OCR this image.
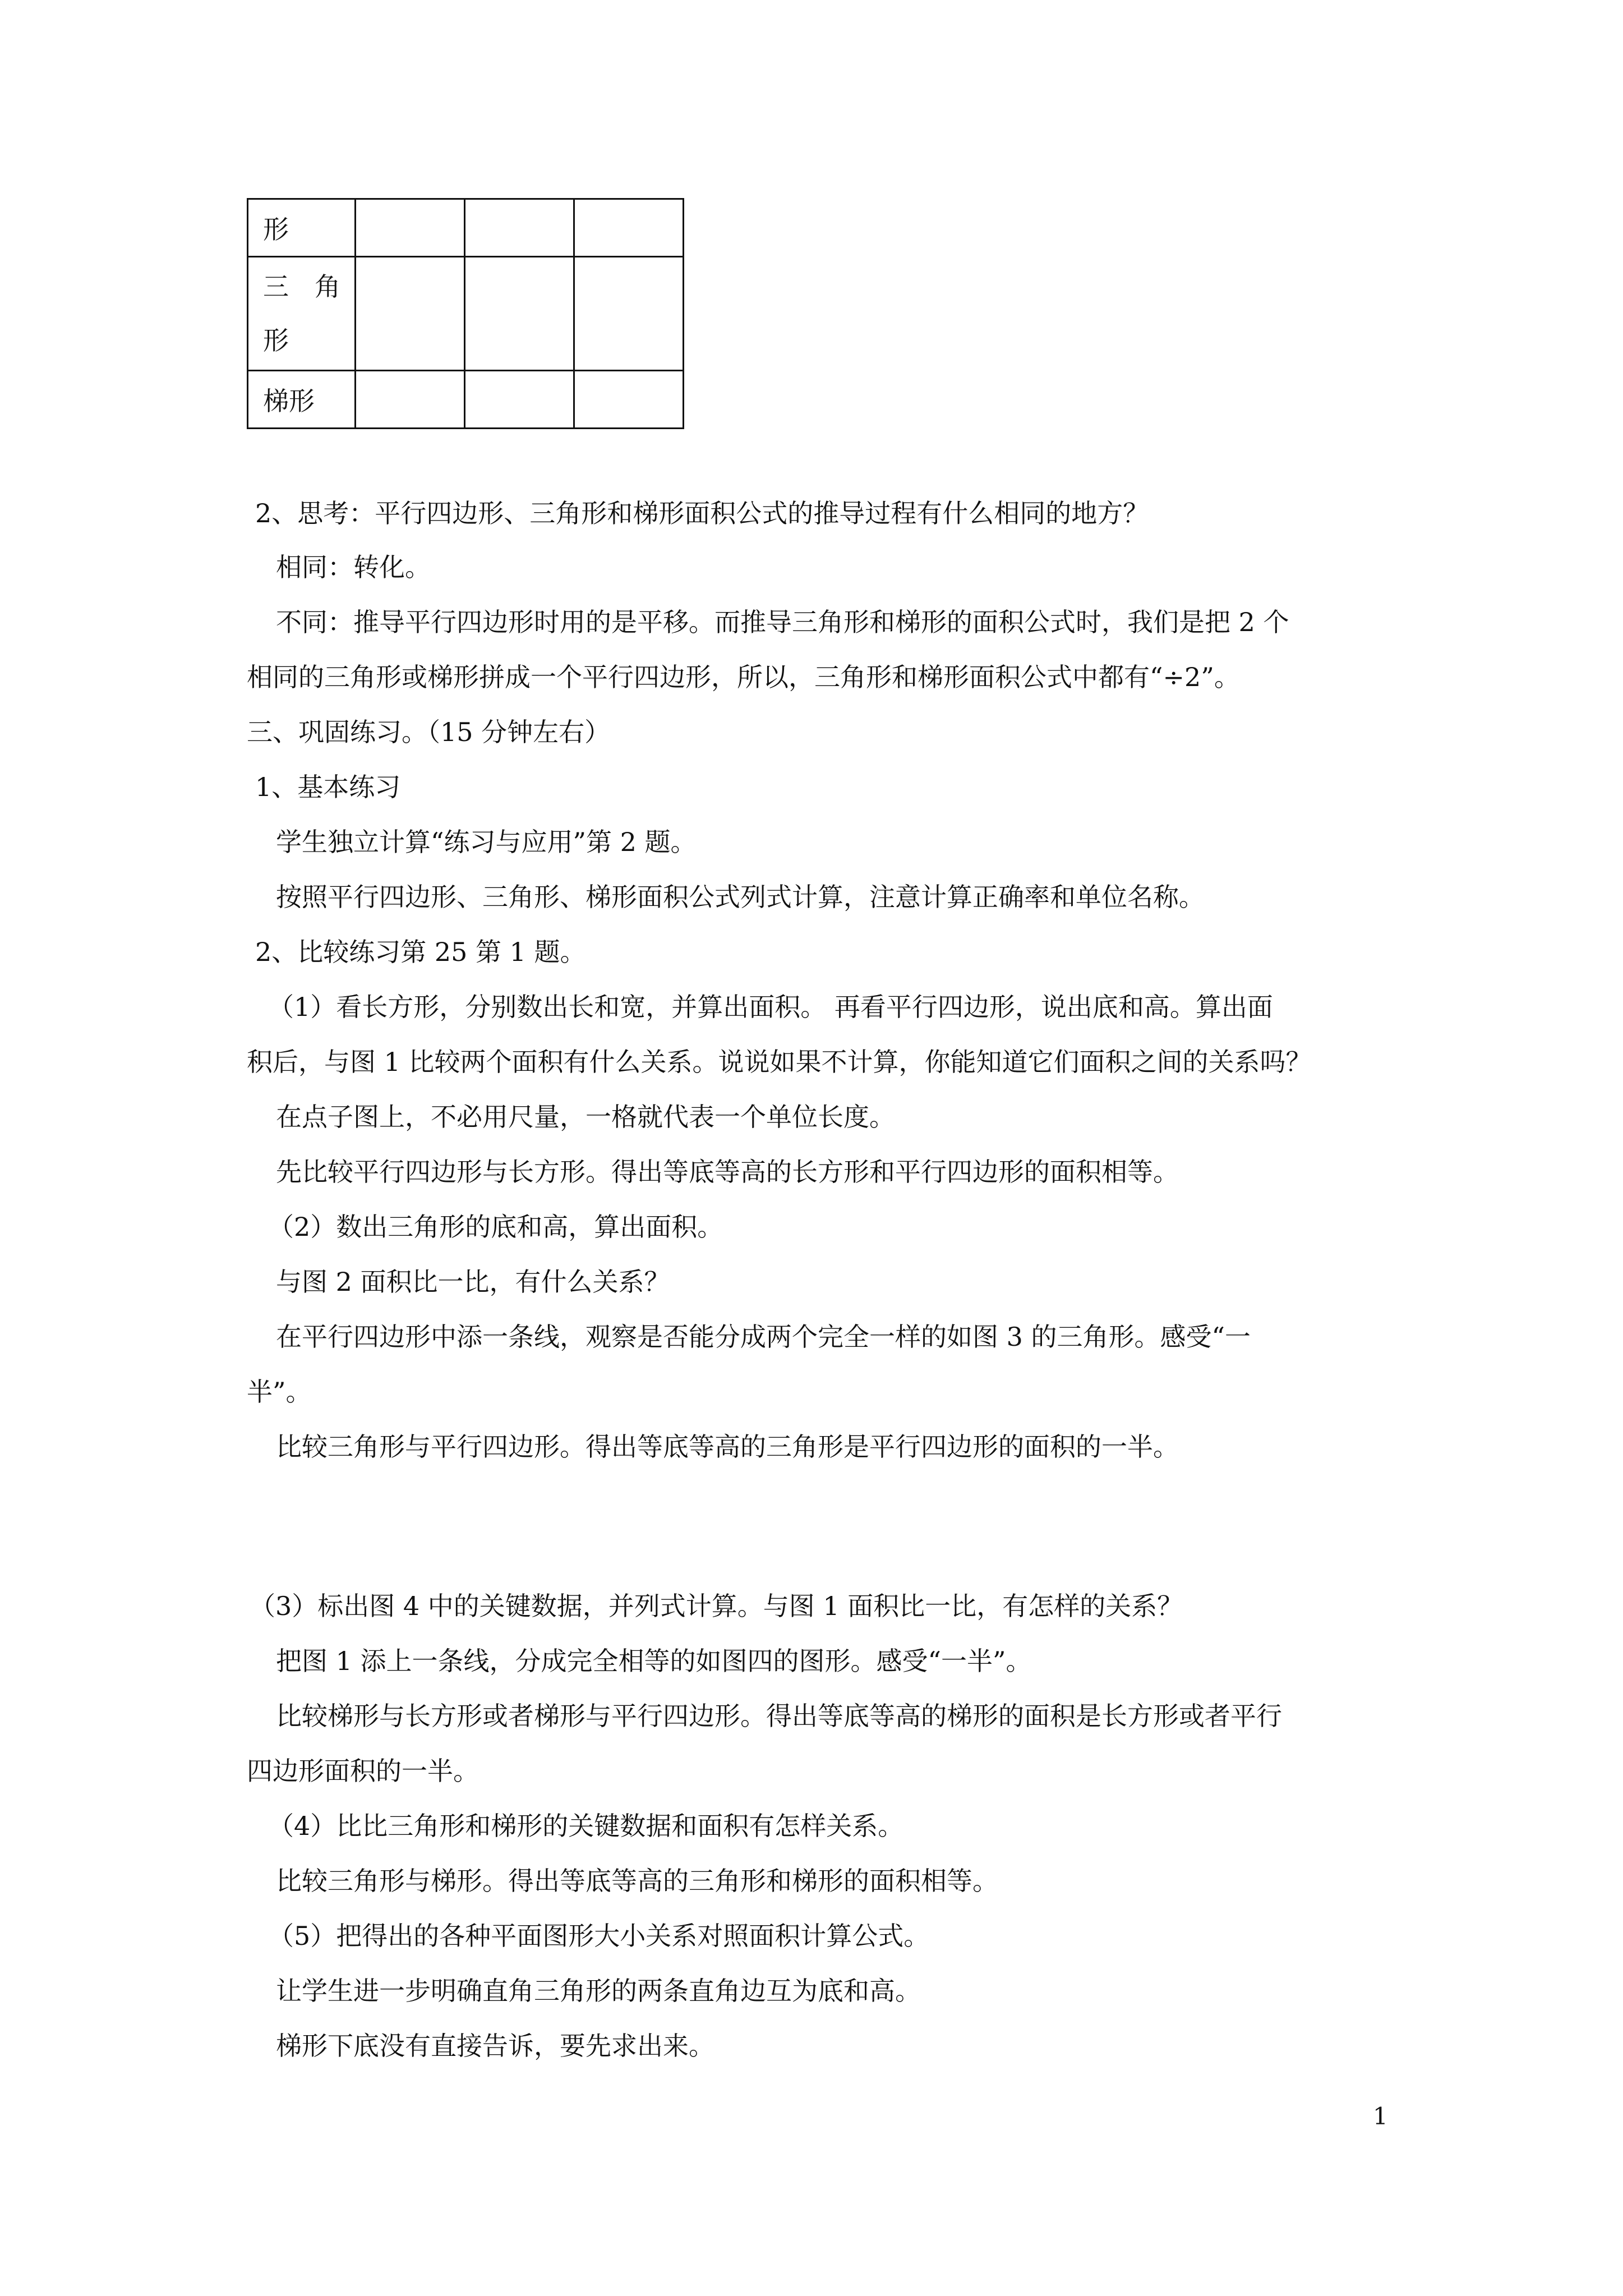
形			

三　角
形			

梯形			
2、思考：平行四边形、三角形和梯形面积公式的推导过程有什么相同的地方？
相同：转化。
不同：推导平行四边形时用的是平移。而推导三角形和梯形的面积公式时，我们是把 2 个
相同的三角形或梯形拼成一个平行四边形，所以，三角形和梯形面积公式中都有“÷2”。
三、巩固练习。（15 分钟左右）
1、基本练习
学生独立计算“练习与应用”第 2 题。
按照平行四边形、三角形、梯形面积公式列式计算，注意计算正确率和单位名称。
2、比较练习第 25 第 1 题。
（1）看长方形，分别数出长和宽，并算出面积。 再看平行四边形，说出底和高。算出面
积后，与图 1 比较两个面积有什么关系。说说如果不计算，你能知道它们面积之间的关系吗？
在点子图上，不必用尺量，一格就代表一个单位长度。
先比较平行四边形与长方形。得出等底等高的长方形和平行四边形的面积相等。
（2）数出三角形的底和高，算出面积。
与图 2 面积比一比，有什么关系？
在平行四边形中添一条线，观察是否能分成两个完全一样的如图 3 的三角形。感受“一
半”。
比较三角形与平行四边形。得出等底等高的三角形是平行四边形的面积的一半。
（3）标出图 4 中的关键数据，并列式计算。与图 1 面积比一比，有怎样的关系？
把图 1 添上一条线，分成完全相等的如图四的图形。感受“一半”。
比较梯形与长方形或者梯形与平行四边形。得出等底等高的梯形的面积是长方形或者平行
四边形面积的一半。
（4）比比三角形和梯形的关键数据和面积有怎样关系。
比较三角形与梯形。得出等底等高的三角形和梯形的面积相等。
（5）把得出的各种平面图形大小关系对照面积计算公式。
让学生进一步明确直角三角形的两条直角边互为底和高。
梯形下底没有直接告诉，要先求出来。
1
